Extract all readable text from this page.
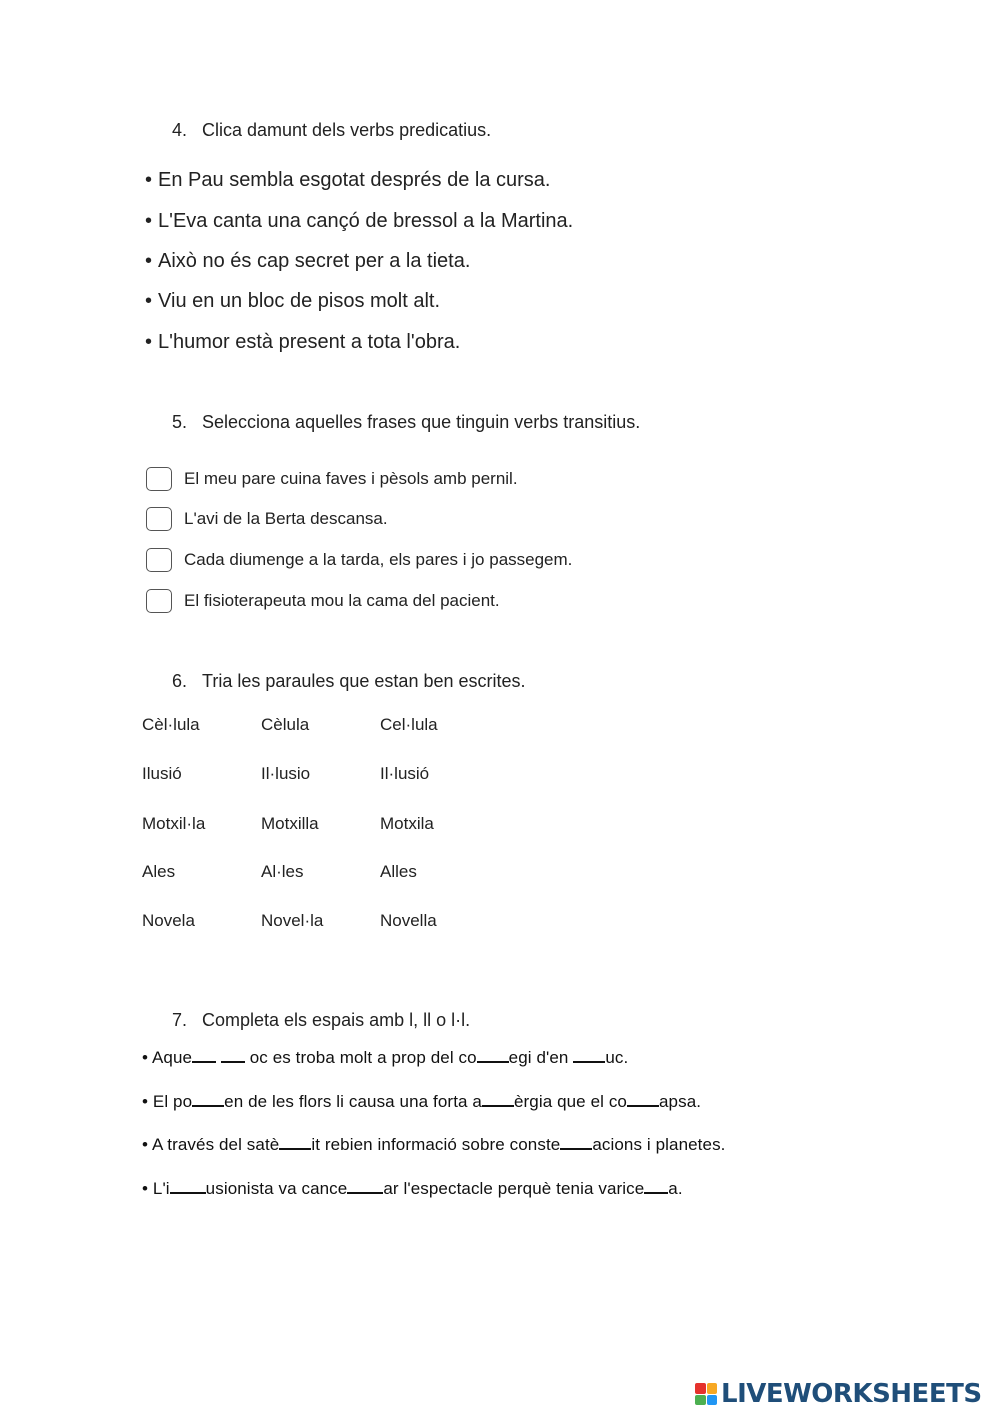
4. Clica damunt dels verbs predicatius.
• En Pau sembla esgotat després de la cursa.
• L'Eva canta una cançó de bressol a la Martina.
• Això no és cap secret per a la tieta.
• Viu en un bloc de pisos molt alt.
• L'humor està present a tota l'obra.
5. Selecciona aquelles frases que tinguin verbs transitius.
El meu pare cuina faves i pèsols amb pernil.
L'avi de la Berta descansa.
Cada diumenge a la tarda, els pares i jo passegem.
El fisioterapeuta mou la cama del pacient.
6. Tria les paraules que estan ben escrites.
Cèl·lula	Cèlula	Cel·lula
Ilusió	Il·lusio	Il·lusió
Motxil·la	Motxilla	Motxila
Ales	Al·les	Alles
Novela	Novel·la	Novella
7. Completa els espais amb l, ll o l·l.
• Aque	oc es troba molt a prop del co egi d'en uc.
• El po en de les flors li causa una forta a èrgia que el co apsa.
• A través del satè it rebien informació sobre conste acions i planetes.
• L'i usionista va cance ar l'espectacle perquè tenia varice a.
LIVEWORKSHEETS
